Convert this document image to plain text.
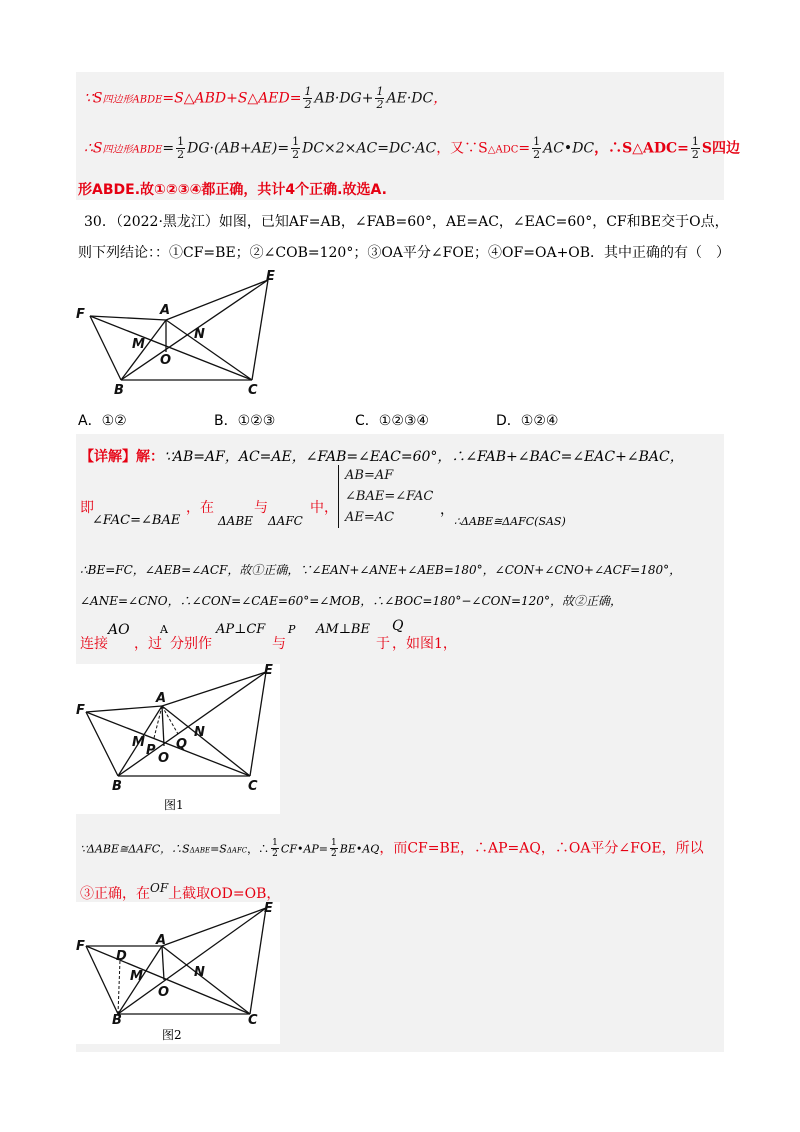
∵S四边形ABDE=S△ABD+S△AED= $\frac{1}{2} AB\cdot DG+ \frac{1}{2} AE\cdot DC$，
∴S四边形ABDE= $\frac{1}{2} DG\cdot(AB+AE)= \frac{1}{2} DC\times 2\times AC=DC\cdot AC$，又∵S△ADC= $\frac{1}{2}$ AC•DC，∴S△ADC= $\frac{1}{2}$ S四边
形ABDE.故①②③④都正确，共计4个正确.故选A.
30．（2022·黑龙江）如图，已知AF=AB，∠FAB=60°，AE=AC，∠EAC=60°，CF和BE交于O点，
则下列结论：：①CF=BE；②∠COB=120°；③OA平分∠FOE；④OF=OA+OB．其中正确的有（　）
F	A
E
M
N
O
B	C
A．①②	B．①②③	C．①②③④	D．①②④
【详解】解：∵AB=AF，AC=AE，∠FAB=∠EAC=60°，∴∠FAB+∠BAC=∠EAC+∠BAC，
即
∠FAC=∠BAE
，在
ΔABE
与
ΔAFC
中，
AB=AF
∠BAE=∠FAC
AE=AC	，
∴ΔABE≅ΔAFC(SAS)
∴BE=FC，∠AEB=∠ACF，故①正确，∵∠EAN+∠ANE+∠AEB=180°，∠CON+∠CNO+∠ACF=180°，
∠ANE=∠CNO，∴∠CON=∠CAE=60°=∠MOB，∴∠BOC=180°−∠CON=120°，故②正确，
连接
AO
，过
A
分别作
AP⊥CF
与
P AM⊥BE Q
于 ，如图1，
F
A
E
M
P Q
N
O
B	C
图1
∵ΔABE≅ΔAFC，∴SΔABE=SΔAFC，∴ $\frac{1}{2}$ CF•AP= $\frac{1}{2}$ BE•AQ，而CF=BE，∴AP=AQ，∴OA平分∠FOE，所以
③正确，在OF上截取OD=OB，
F
D
A
E
M	N
O
B	C
图2
